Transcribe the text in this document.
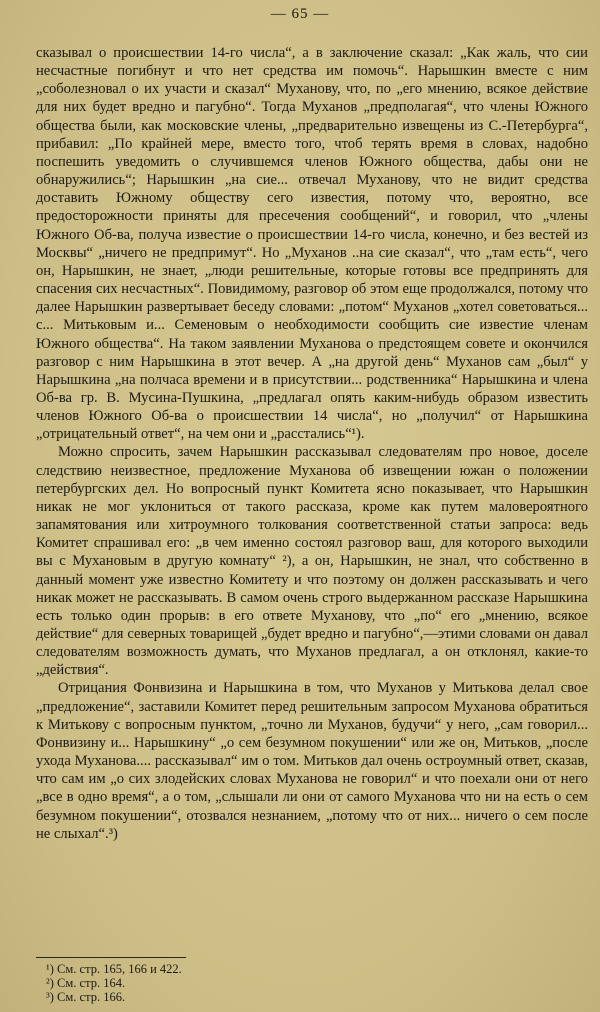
— 65 —

сказывал о происшествии 14-го числа“, а в заключение сказал: „Как жаль, что сии несчастные погибнут и что нет средства им помочь“. Нарышкин вместе с ним „соболезновал о их участи и сказал“ Муханову, что, по „его мнению, всякое действие для них будет вредно и пагубно“. Тогда Муханов „предполагая“, что члены Южного общества были, как московские члены, „предварительно извещены из С.-Петербурга“, прибавил: „По крайней мере, вместо того, чтоб терять время в словах, надобно поспешить уведомить о случившемся членов Южного общества, дабы они не обнаружились“; Нарышкин „на сие... отвечал Муханову, что не видит средства доставить Южному обществу сего известия, потому что, вероятно, все предосторожности приняты для пресечения сообщений“, и говорил, что „члены Южного Об-ва, получа известие о происшествии 14-го числа, конечно, и без вестей из Москвы“ „ничего не предпримут“. Но „Муханов ..на сие сказал“, что „там есть“, чего он, Нарышкин, не знает, „люди решительные, которые готовы все предпринять для спасения сих несчастных“. Повидимому, разговор об этом еще продолжался, потому что далее Нарышкин развертывает беседу словами: „потом“ Муханов „хотел советоваться... с... Митьковым и... Семеновым о необходимости сообщить сие известие членам Южного общества“. На таком заявлении Муханова о предстоящем совете и окончился разговор с ним Нарышкина в этот вечер. А „на другой день“ Муханов сам „был“ у Нарышкина „на полчаса времени и в присутствии... родственника“ Нарышкина и члена Об-ва гр. В. Мусина-Пушкина, „предлагал опять каким-нибудь образом известить членов Южного Об-ва о происшествии 14 числа“, но „получил“ от Нарышкина „отрицательный ответ“, на чем они и „расстались“¹).

Можно спросить, зачем Нарышкин рассказывал следователям про новое, доселе следствию неизвестное, предложение Муханова об извещении южан о положении петербургских дел. Но вопросный пункт Комитета ясно показывает, что Нарышкин никак не мог уклониться от такого рассказа, кроме как путем маловероятного запамятования или хитроумного толкования соответственной статьи запроса: ведь Комитет спрашивал его: „в чем именно состоял разговор ваш, для которого выходили вы с Мухановым в другую комнату“ ²), а он, Нарышкин, не знал, что собственно в данный момент уже известно Комитету и что поэтому он должен рассказывать и чего никак может не рассказывать. В самом очень строго выдержанном рассказе Нарышкина есть только один прорыв: в его ответе Муханову, что „по“ его „мнению, всякое действие“ для северных товарищей „будет вредно и пагубно“,—этими словами он давал следователям возможность думать, что Муханов предлагал, а он отклонял, какие-то „действия“.

Отрицания Фонвизина и Нарышкина в том, что Муханов у Митькова делал свое „предложение“, заставили Комитет перед решительным запросом Муханова обратиться к Митькову с вопросным пунктом, „точно ли Муханов, будучи“ у него, „сам говорил... Фонвизину и... Нарышкину“ „о сем безумном покушении“ или же он, Митьков, „после ухода Муханова.... рассказывал“ им о том. Митьков дал очень остроумный ответ, сказав, что сам им „о сих злодейских словах Муханова не говорил“ и что поехали они от него „все в одно время“, а о том, „слышали ли они от самого Муханова что ни на есть о сем безумном покушении“, отозвался незнанием, „потому что от них... ничего о сем после не слыхал“.³)

¹) См. стр. 165, 166 и 422.
²) См. стр. 164.
³) См. стр. 166.
